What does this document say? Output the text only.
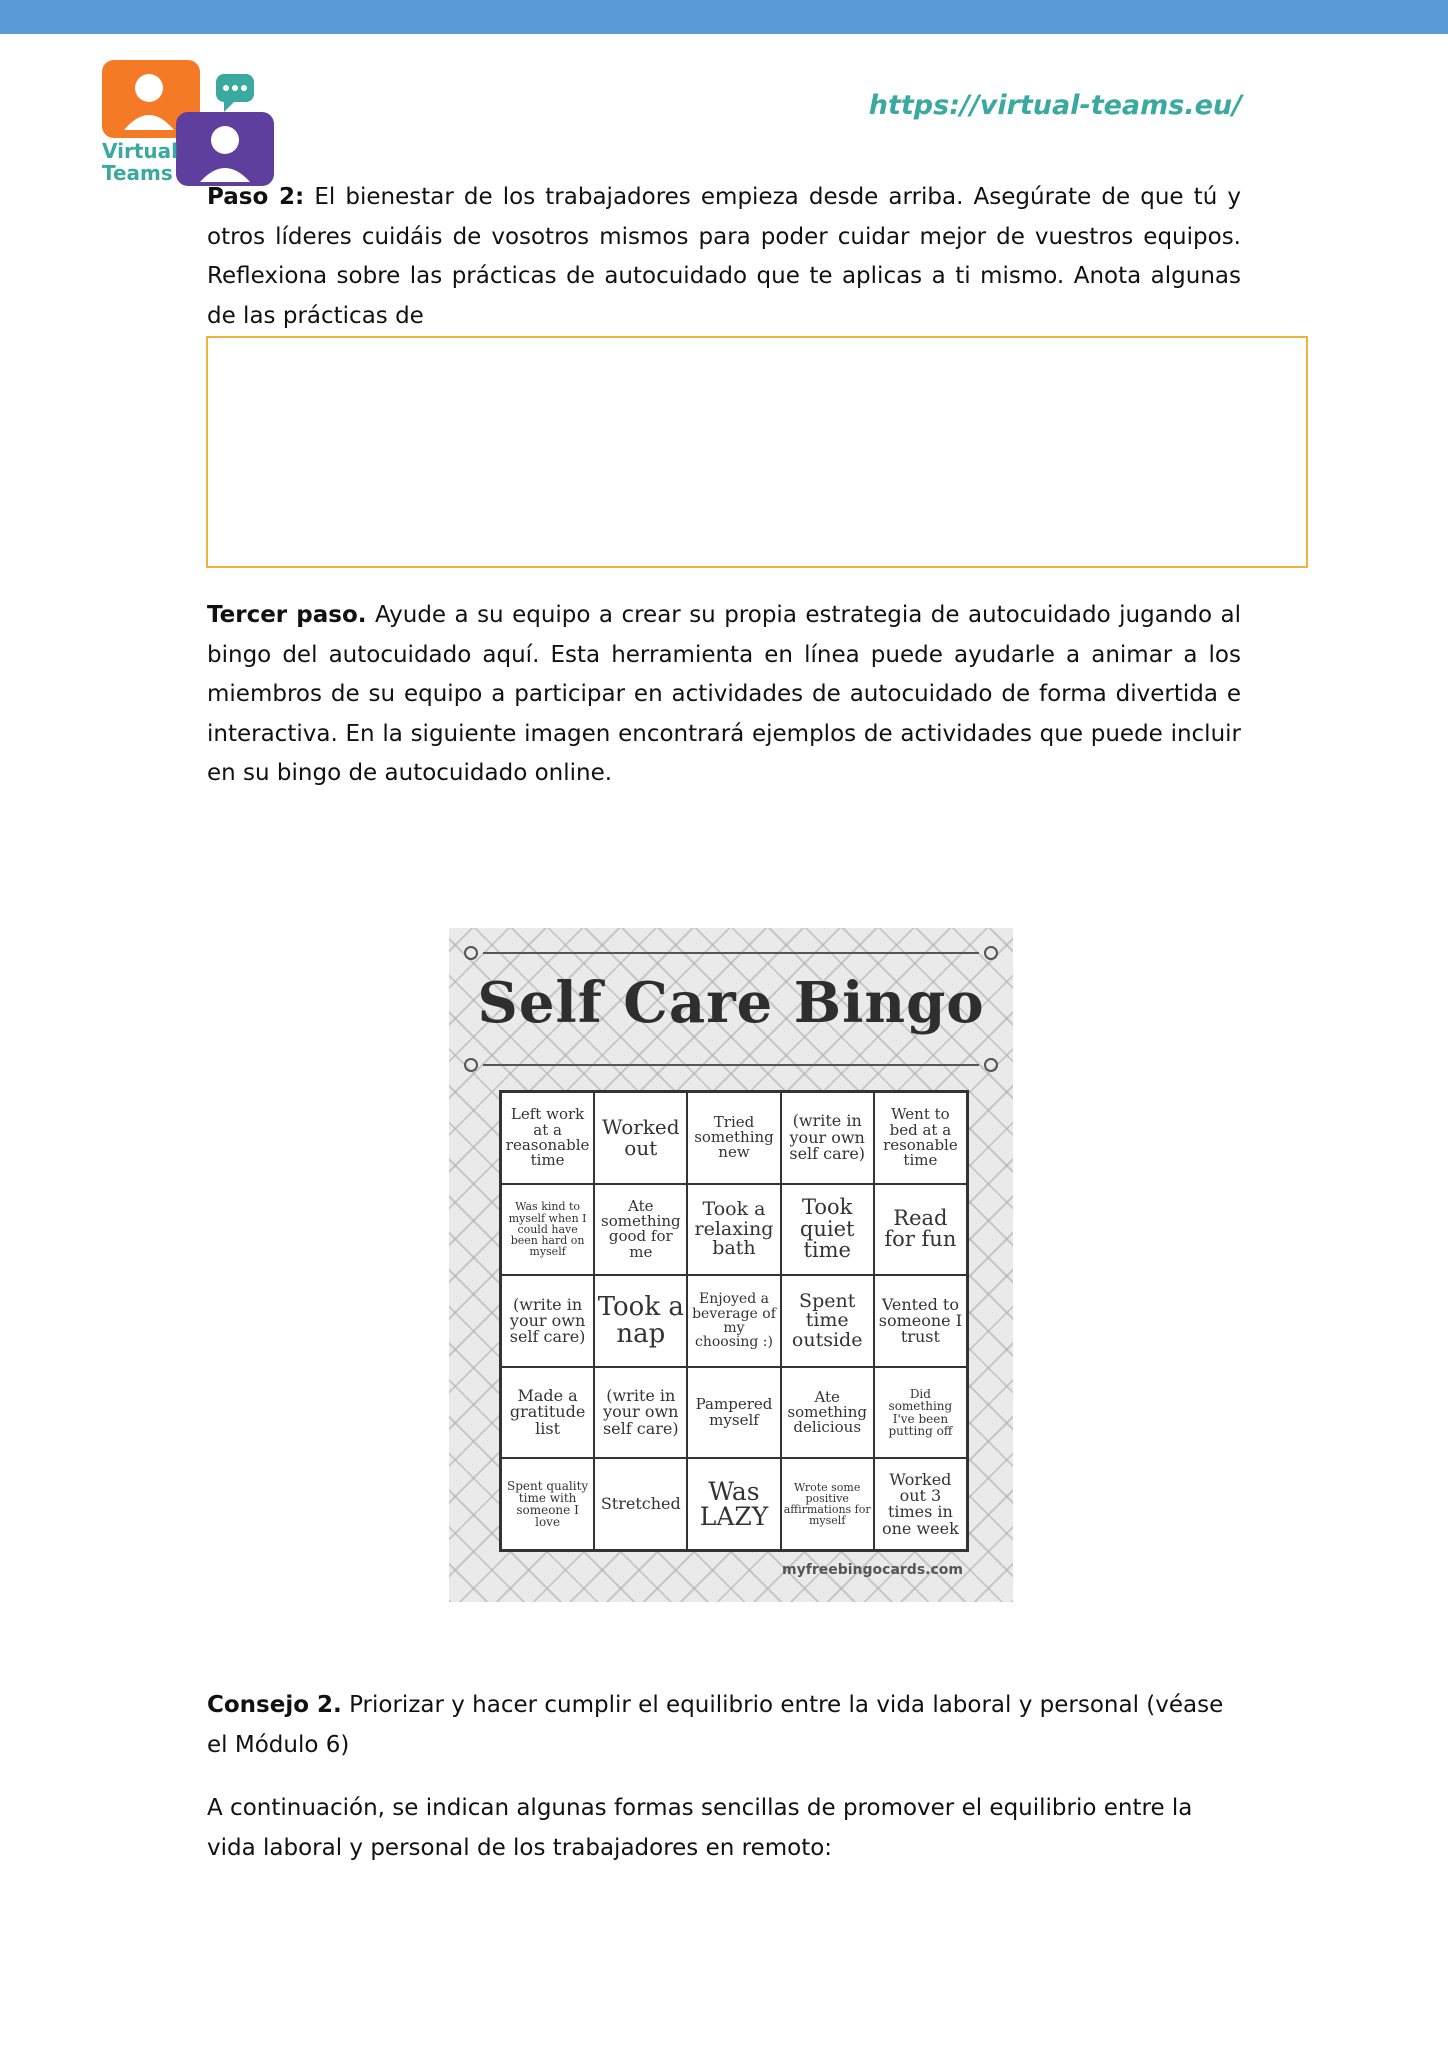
Virtual
Teams
https://virtual-teams.eu/
Paso 2: El bienestar de los trabajadores empieza desde arriba. Asegúrate de que tú y otros líderes cuidáis de vosotros mismos para poder cuidar mejor de vuestros equipos. Reflexiona sobre las prácticas de autocuidado que te aplicas a ti mismo. Anota algunas de las prácticas de
Tercer paso. Ayude a su equipo a crear su propia estrategia de autocuidado jugando al bingo del autocuidado aquí. Esta herramienta en línea puede ayudarle a animar a los miembros de su equipo a participar en actividades de autocuidado de forma divertida e interactiva. En la siguiente imagen encontrará ejemplos de actividades que puede incluir en su bingo de autocuidado online.
Self Care Bingo
Left work at a reasonable time
Worked out
Tried something new
(write in your own self care)
Went to bed at a resonable time
Was kind to myself when I could have been hard on myself
Ate something good for me
Took a relaxing bath
Took quiet time
Read for fun
(write in your own self care)
Took a nap
Enjoyed a beverage of my choosing :)
Spent time outside
Vented to someone I trust
Made a gratitude list
(write in your own self care)
Pampered myself
Ate something delicious
Did something I've been putting off
Spent quality time with someone I love
Stretched	Was LAZY
Wrote some positive affirmations for myself
Worked out 3 times in one week
myfreebingocards.com
Consejo 2. Priorizar y hacer cumplir el equilibrio entre la vida laboral y personal (véase el Módulo 6)
A continuación, se indican algunas formas sencillas de promover el equilibrio entre la vida laboral y personal de los trabajadores en remoto:
